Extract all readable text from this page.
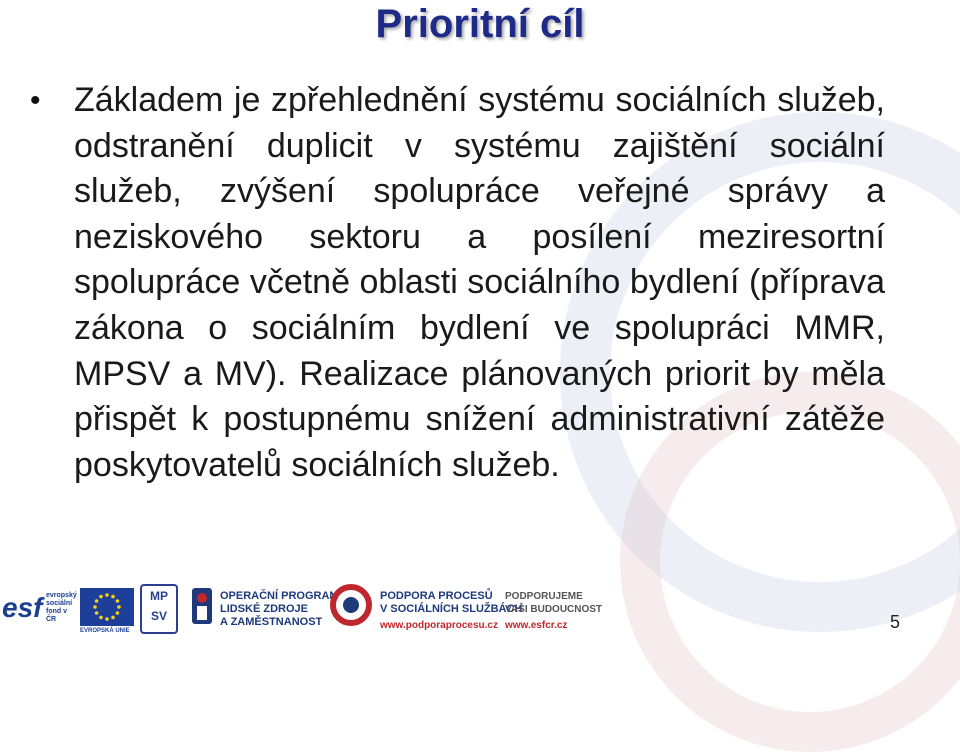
Prioritní cíl
• Základem je zpřehlednění systému sociálních služeb, odstranění duplicit v systému zajištění sociální služeb, zvýšení spolupráce veřejné správy a neziskového sektoru a posílení meziresortní spolupráce včetně oblasti sociálního bydlení (příprava zákona o sociálním bydlení ve spolupráci MMR, MPSV a MV). Realizace plánovaných priorit by měla přispět k postupnému snížení administrativní zátěže poskytovatelů sociálních služeb.
esf evropský
sociální
fond v ČR
EVROPSKÁ UNIE
MP
SV
OPERAČNÍ PROGRAM
LIDSKÉ ZDROJE
A ZAMĚSTNANOST
PODPORA PROCESŮ
V SOCIÁLNÍCH SLUŽBÁCH
www.podporaprocesu.cz
PODPORUJEME
VAŠI BUDOUCNOST
www.esfcr.cz	5
